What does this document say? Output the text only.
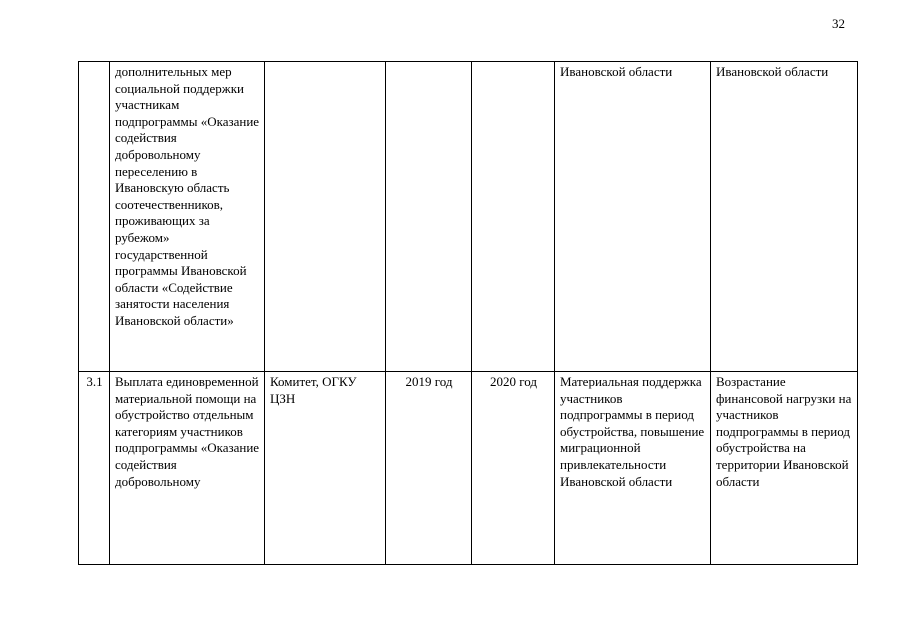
32

	дополнительных мер социальной поддержки участникам подпрограммы «Оказание содействия добровольному переселению в Ивановскую область соотечественников, проживающих за рубежом» государственной программы Ивановской области «Содействие занятости населения Ивановской области»				Ивановской области	Ивановской области

3.1	Выплата единовременной материальной помощи на обустройство отдельным категориям участников подпрограммы «Оказание содействия добровольному	Комитет, ОГКУ ЦЗН	2019 год	2020 год	Материальная поддержка участников подпрограммы в период обустройства, повышение миграционной привлекательности Ивановской области	Возрастание финансовой нагрузки на участников подпрограммы в период обустройства на территории Ивановской области
